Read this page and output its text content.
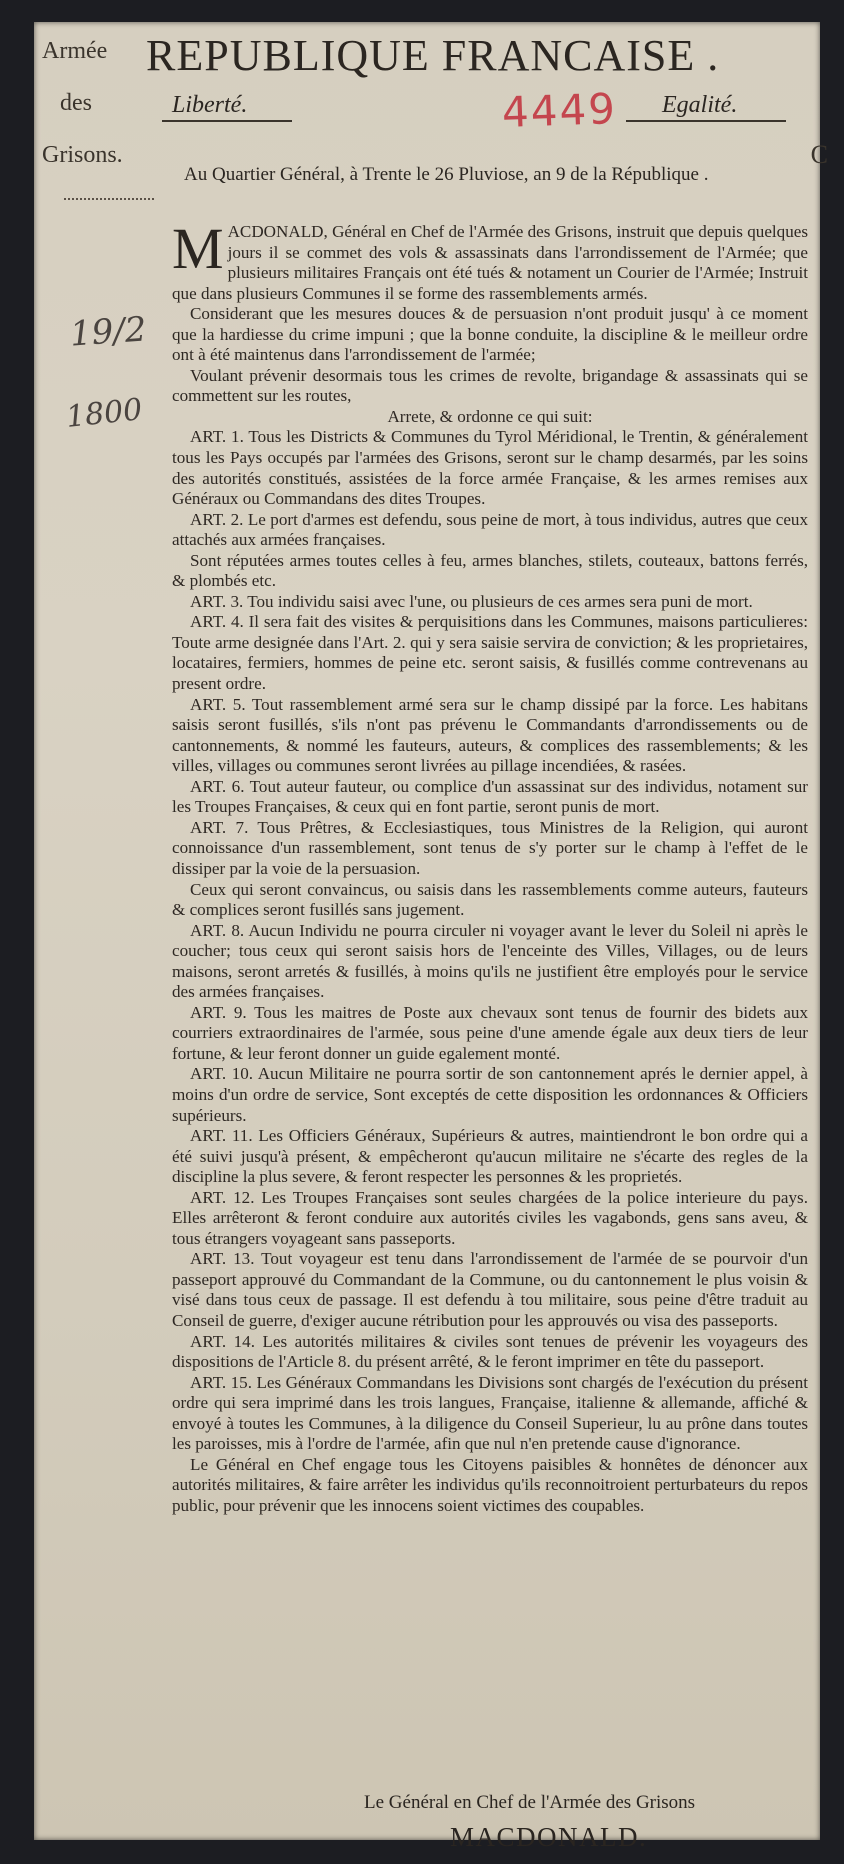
Armée
des
Grisons.
REPUBLIQUE FRANCAISE .
Liberté.	Egalité.
4449
C
19/2
1800
Au Quartier Général, à Trente le 26 Pluviose, an 9 de la République .

MACDONALD, Général en Chef de l'Armée des Grisons, instruit que depuis quelques jours il se commet des vols & assassinats dans l'arrondissement de l'Armée; que plusieurs militaires Français ont été tués & notament un Courier de l'Armée; Instruit que dans plusieurs Communes il se forme des rassemblements armés.

Considerant que les mesures douces & de persuasion n'ont produit jusqu' à ce moment que la hardiesse du crime impuni ; que la bonne conduite, la discipline & le meilleur ordre ont à été maintenus dans l'arrondissement de l'armée;

Voulant prévenir desormais tous les crimes de revolte, brigandage & assassinats qui se commettent sur les routes,

Arrete, & ordonne ce qui suit:

ART. 1. Tous les Districts & Communes du Tyrol Méridional, le Trentin, & généralement tous les Pays occupés par l'armées des Grisons, seront sur le champ desarmés, par les soins des autorités constitués, assistées de la force armée Française, & les armes remises aux Généraux ou Commandans des dites Troupes.

ART. 2. Le port d'armes est defendu, sous peine de mort, à tous individus, autres que ceux attachés aux armées françaises.

Sont réputées armes toutes celles à feu, armes blanches, stilets, couteaux, battons ferrés, & plombés etc.

ART. 3. Tou individu saisi avec l'une, ou plusieurs de ces armes sera puni de mort.

ART. 4. Il sera fait des visites & perquisitions dans les Communes, maisons particulieres: Toute arme designée dans l'Art. 2. qui y sera saisie servira de conviction; & les proprietaires, locataires, fermiers, hommes de peine etc. seront saisis, & fusillés comme contrevenans au present ordre.

ART. 5. Tout rassemblement armé sera sur le champ dissipé par la force. Les habitans saisis seront fusillés, s'ils n'ont pas prévenu le Commandants d'arrondissements ou de cantonnements, & nommé les fauteurs, auteurs, & complices des rassemblements; & les villes, villages ou communes seront livrées au pillage incendiées, & rasées.

ART. 6. Tout auteur fauteur, ou complice d'un assassinat sur des individus, notament sur les Troupes Françaises, & ceux qui en font partie, seront punis de mort.

ART. 7. Tous Prêtres, & Ecclesiastiques, tous Ministres de la Religion, qui auront connoissance d'un rassemblement, sont tenus de s'y porter sur le champ à l'effet de le dissiper par la voie de la persuasion.

Ceux qui seront convaincus, ou saisis dans les rassemblements comme auteurs, fauteurs & complices seront fusillés sans jugement.

ART. 8. Aucun Individu ne pourra circuler ni voyager avant le lever du Soleil ni après le coucher; tous ceux qui seront saisis hors de l'enceinte des Villes, Villages, ou de leurs maisons, seront arretés & fusillés, à moins qu'ils ne justifient être employés pour le service des armées françaises.

ART. 9. Tous les maitres de Poste aux chevaux sont tenus de fournir des bidets aux courriers extraordinaires de l'armée, sous peine d'une amende égale aux deux tiers de leur fortune, & leur feront donner un guide egalement monté.

ART. 10. Aucun Militaire ne pourra sortir de son cantonnement aprés le dernier appel, à moins d'un ordre de service, Sont exceptés de cette disposition les ordonnances & Officiers supérieurs.

ART. 11. Les Officiers Généraux, Supérieurs & autres, maintiendront le bon ordre qui a été suivi jusqu'à présent, & empêcheront qu'aucun militaire ne s'écarte des regles de la discipline la plus severe, & feront respecter les personnes & les proprietés.

ART. 12. Les Troupes Françaises sont seules chargées de la police interieure du pays. Elles arrêteront & feront conduire aux autorités civiles les vagabonds, gens sans aveu, & tous étrangers voyageant sans passeports.

ART. 13. Tout voyageur est tenu dans l'arrondissement de l'armée de se pourvoir d'un passeport approuvé du Commandant de la Commune, ou du cantonnement le plus voisin & visé dans tous ceux de passage. Il est defendu à tou militaire, sous peine d'être traduit au Conseil de guerre, d'exiger aucune rétribution pour les approuvés ou visa des passeports.

ART. 14. Les autorités militaires & civiles sont tenues de prévenir les voyageurs des dispositions de l'Article 8. du présent arrêté, & le feront imprimer en tête du passeport.

ART. 15. Les Généraux Commandans les Divisions sont chargés de l'exécution du présent ordre qui sera imprimé dans les trois langues, Française, italienne & allemande, affiché & envoyé à toutes les Communes, à la diligence du Conseil Superieur, lu au prône dans toutes les paroisses, mis à l'ordre de l'armée, afin que nul n'en pretende cause d'ignorance.

Le Général en Chef engage tous les Citoyens paisibles & honnêtes de dénoncer aux autorités militaires, & faire arrêter les individus qu'ils reconnoitroient perturbateurs du repos public, pour prévenir que les innocens soient victimes des coupables.

Le Général en Chef de l'Armée des Grisons
MACDONALD.
